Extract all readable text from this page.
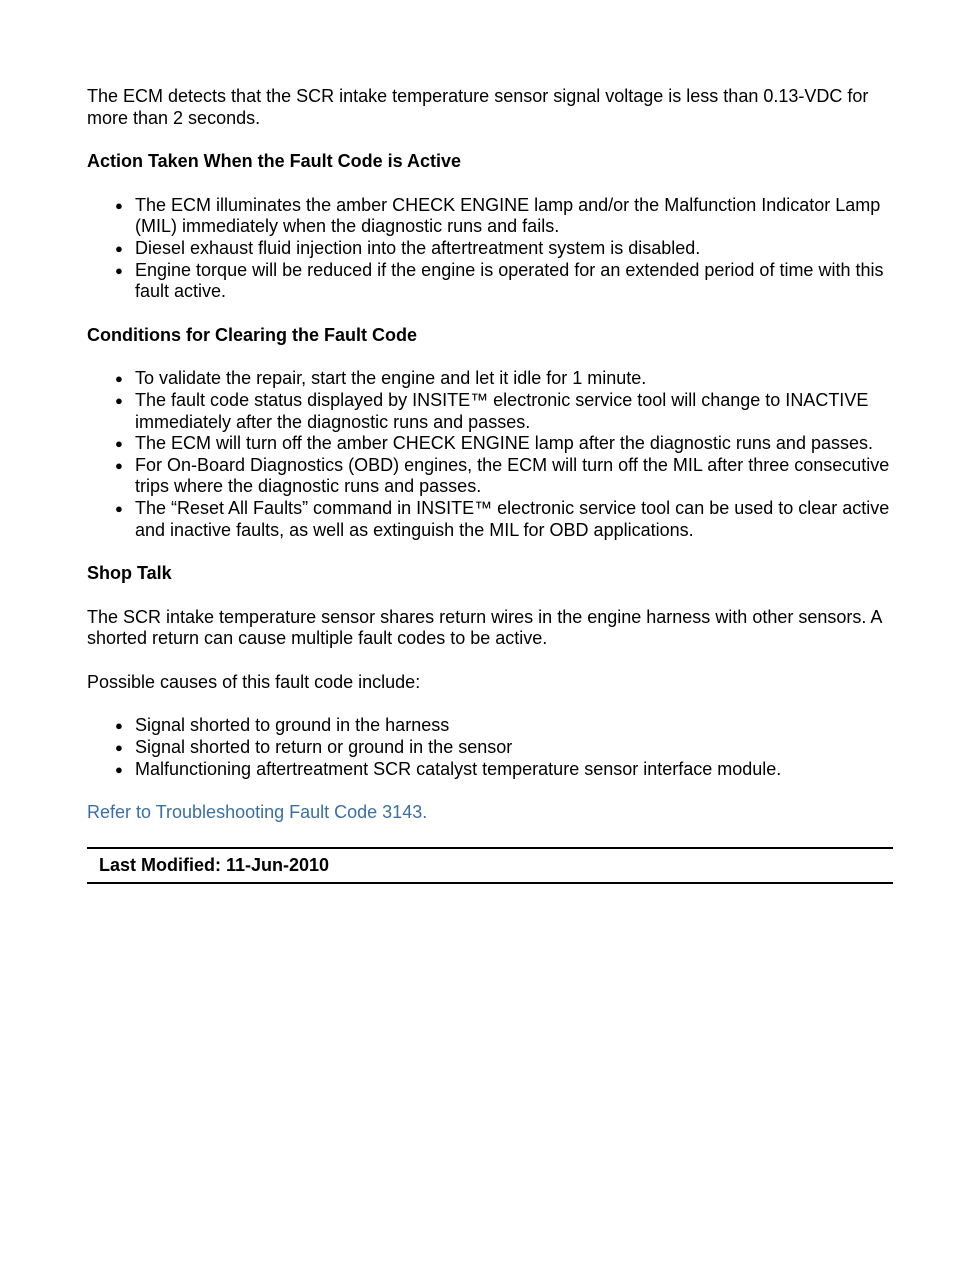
The ECM detects that the SCR intake temperature sensor signal voltage is less than 0.13-VDC for more than 2 seconds.

Action Taken When the Fault Code is Active
● The ECM illuminates the amber CHECK ENGINE lamp and/or the Malfunction Indicator Lamp (MIL) immediately when the diagnostic runs and fails.
● Diesel exhaust fluid injection into the aftertreatment system is disabled.
● Engine torque will be reduced if the engine is operated for an extended period of time with this fault active.
Conditions for Clearing the Fault Code
● To validate the repair, start the engine and let it idle for 1 minute.
● The fault code status displayed by INSITE™ electronic service tool will change to INACTIVE immediately after the diagnostic runs and passes.
● The ECM will turn off the amber CHECK ENGINE lamp after the diagnostic runs and passes.
● For On-Board Diagnostics (OBD) engines, the ECM will turn off the MIL after three consecutive trips where the diagnostic runs and passes.
● The “Reset All Faults” command in INSITE™ electronic service tool can be used to clear active and inactive faults, as well as extinguish the MIL for OBD applications.
Shop Talk

The SCR intake temperature sensor shares return wires in the engine harness with other sensors. A shorted return can cause multiple fault codes to be active.

Possible causes of this fault code include:

● Signal shorted to ground in the harness
● Signal shorted to return or ground in the sensor
● Malfunctioning aftertreatment SCR catalyst temperature sensor interface module.
Refer to Troubleshooting Fault Code 3143.
Last Modified: 11-Jun-2010
